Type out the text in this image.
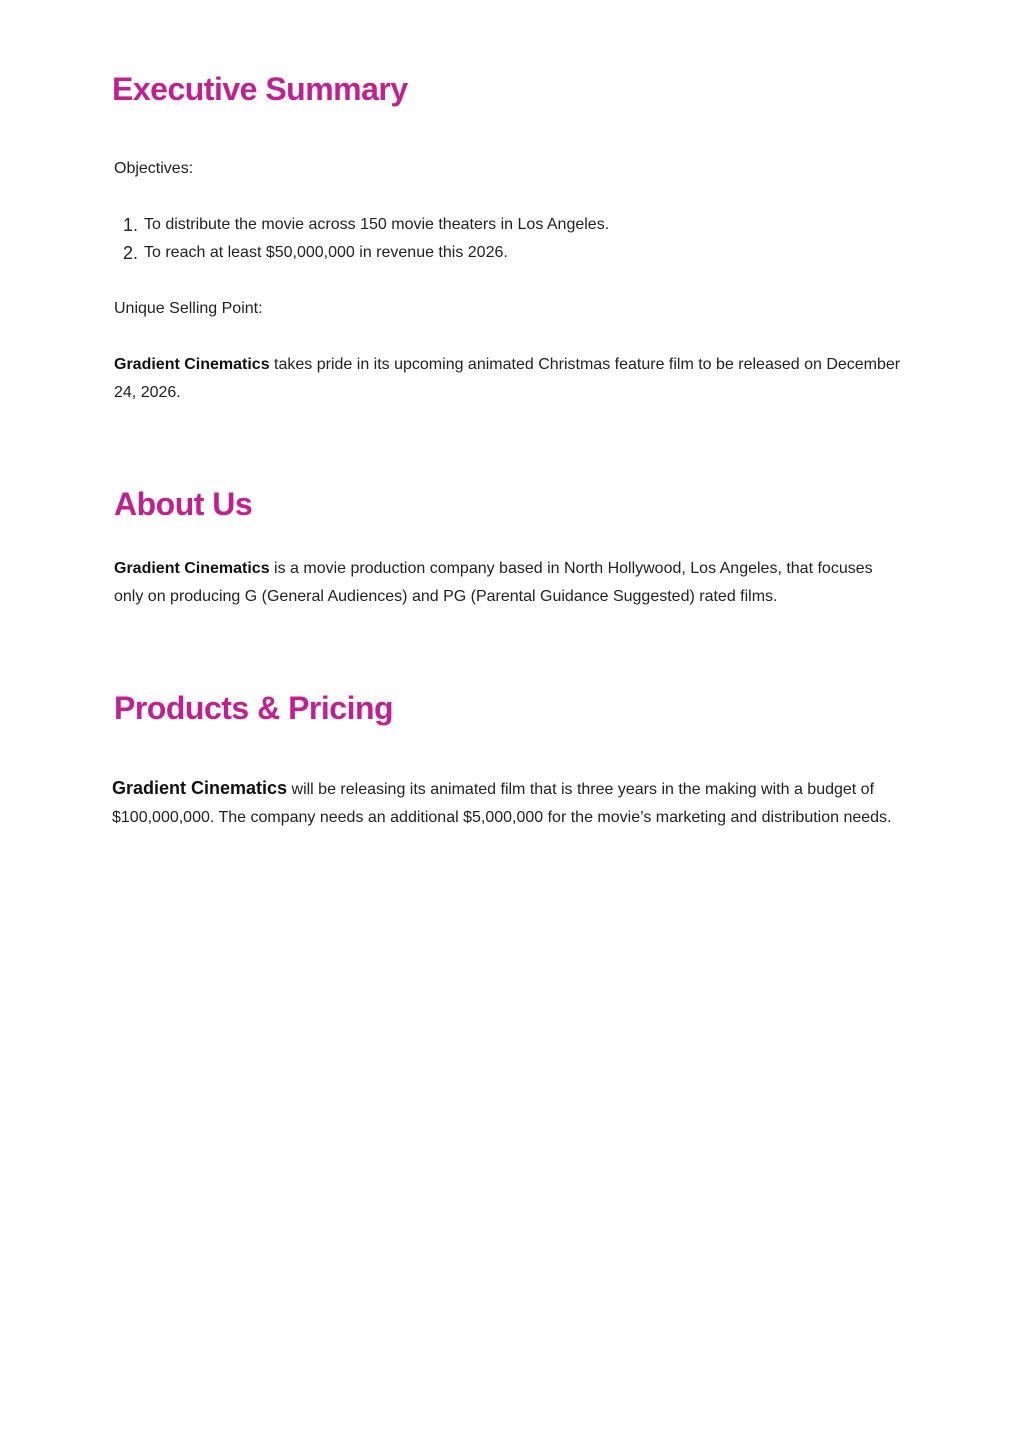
Executive Summary

Objectives:

To distribute the movie across 150 movie theaters in Los Angeles.
To reach at least $50,000,000 in revenue this 2026.

Unique Selling Point:

Gradient Cinematics takes pride in its upcoming animated Christmas feature film to be released on December 24, 2026.

About Us

Gradient Cinematics is a movie production company based in North Hollywood, Los Angeles, that focuses only on producing G (General Audiences) and PG (Parental Guidance Suggested) rated films.

Products & Pricing

Gradient Cinematics will be releasing its animated film that is three years in the making with a budget of $100,000,000. The company needs an additional $5,000,000 for the movie’s marketing and distribution needs.
